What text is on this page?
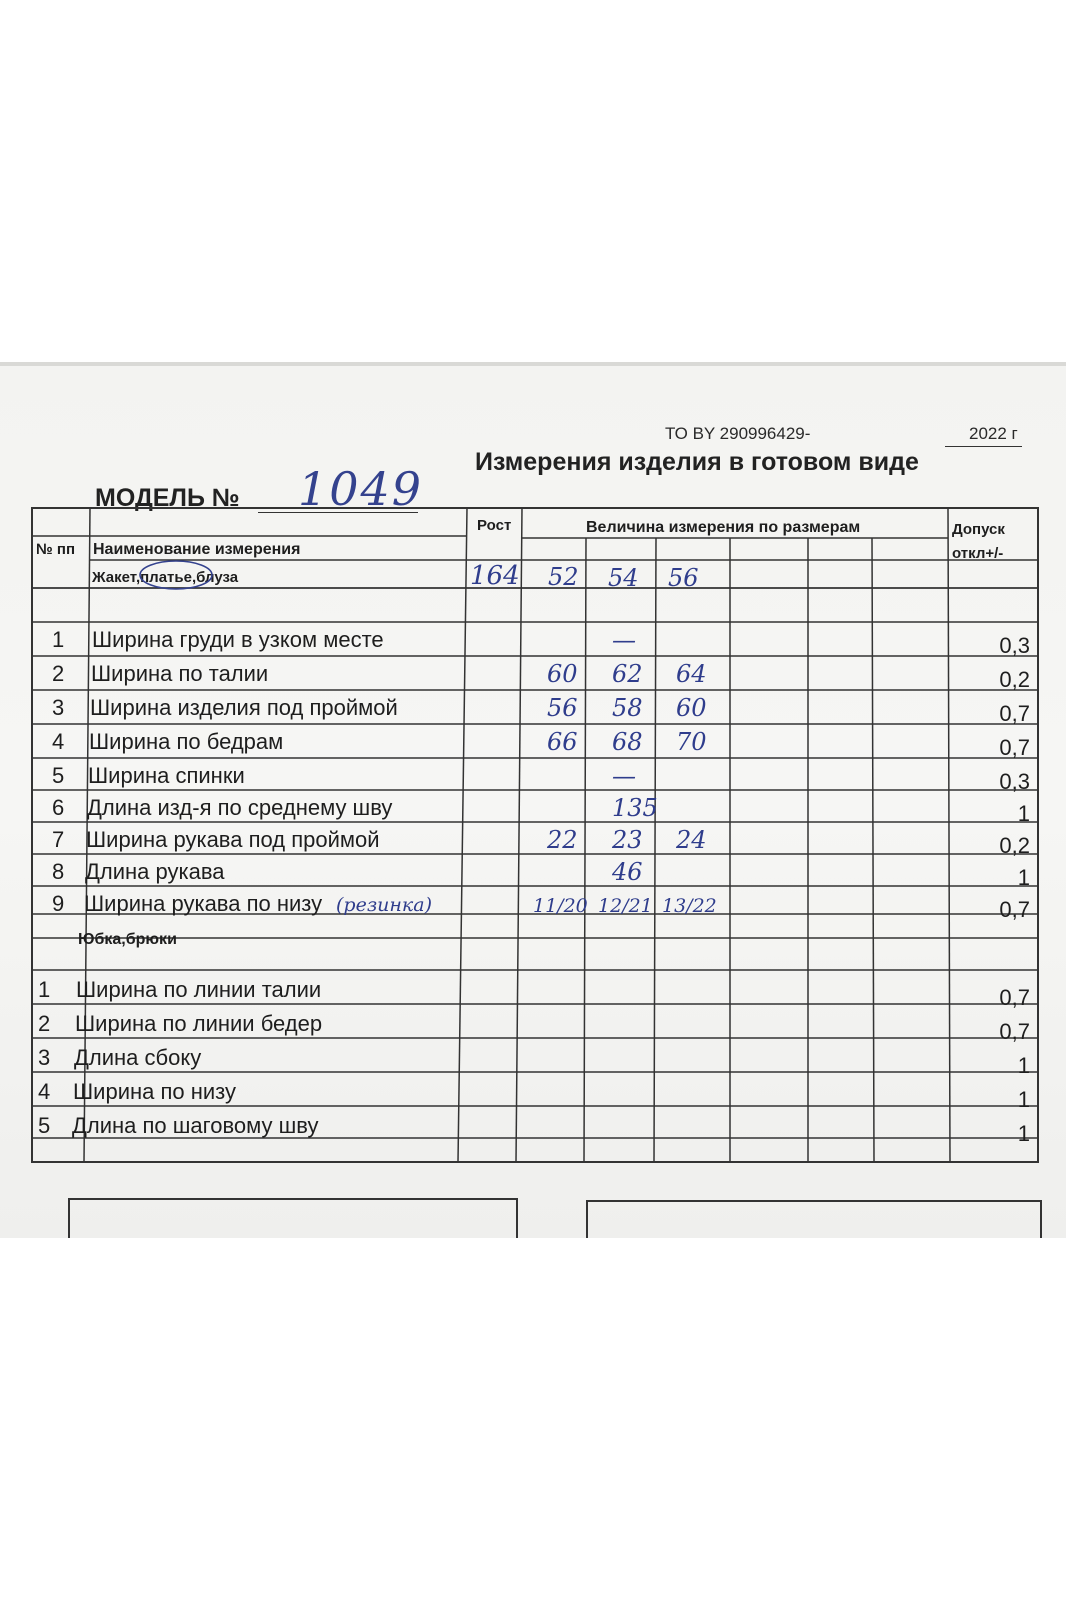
ТО BY 290996429-	2022 г
Измерения изделия в готовом виде
МОДЕЛЬ № 1049
№ пп Наименование измерения
Рост	Величина измерения по размерам	Допуск
откл+/-
Жакет,платье,блуза	164 52 54 56
1 Ширина груди в узком месте	—	0,3
2 Ширина по талии	60 62 64	0,2
3 Ширина изделия под проймой	56 58 60	0,7
4 Ширина по бедрам	66 68 70	0,7
5 Ширина спинки	—	0,3
6 Длина изд-я по среднему шву	135	1
7 Ширина рукава под проймой	22 23 24	0,2
8 Длина рукава	46	1
9 Ширина рукава по низу (резинка)	11/20 12/21 13/22	0,7
Юбка,брюки
1 Ширина по линии талии	0,7
2 Ширина по линии бедер	0,7
3 Длина сбоку	1
4 Ширина по низу	1
5 Длина по шаговому шву	1
